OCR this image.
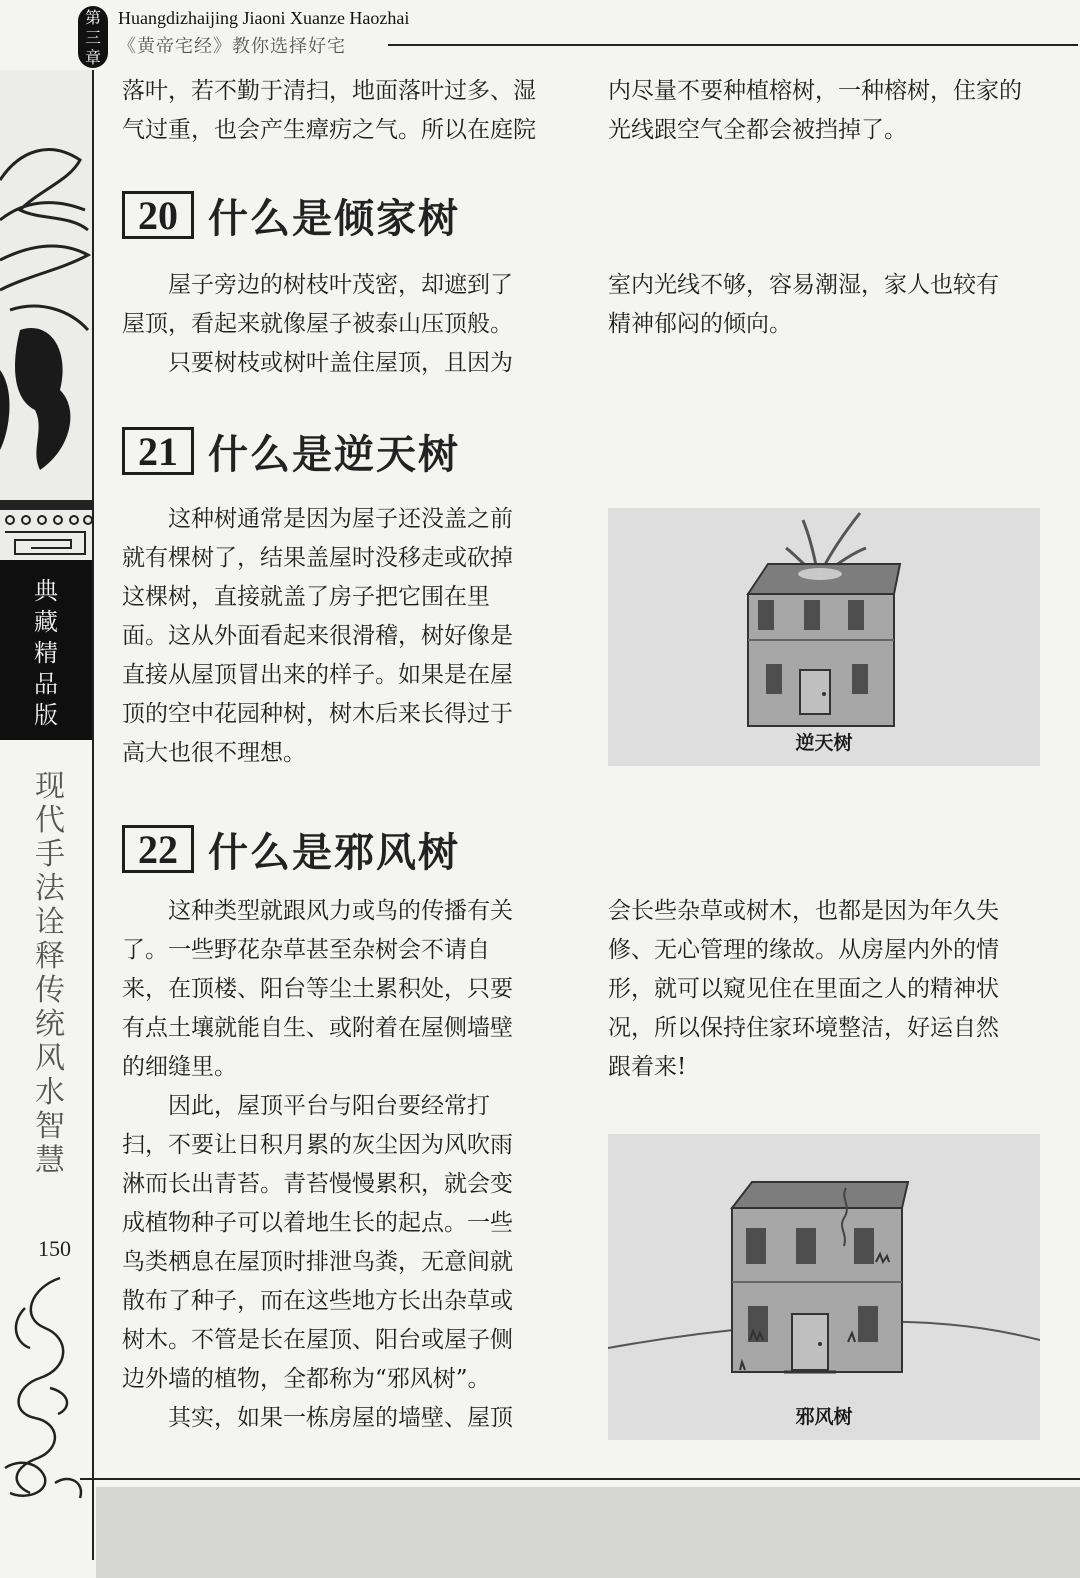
第三章
Huangdizhaijing Jiaoni Xuanze Haozhai
《黄帝宅经》教你选择好宅
典
藏
精
品
版
现
代
手
法
诠
释
传
统
风
水
智
慧
150

落叶，若不勤于清扫，地面落叶过多、湿

气过重，也会产生瘴疠之气。所以在庭院

内尽量不要种植榕树，一种榕树，住家的

光线跟空气全都会被挡掉了。

20 什么是倾家树

屋子旁边的树枝叶茂密，却遮到了

屋顶，看起来就像屋子被泰山压顶般。

只要树枝或树叶盖住屋顶，且因为

室内光线不够，容易潮湿，家人也较有

精神郁闷的倾向。

21 什么是逆天树

这种树通常是因为屋子还没盖之前

就有棵树了，结果盖屋时没移走或砍掉

这棵树，直接就盖了房子把它围在里

面。这从外面看起来很滑稽，树好像是

直接从屋顶冒出来的样子。如果是在屋

顶的空中花园种树，树木后来长得过于

高大也很不理想。	逆天树
22 什么是邪风树

这种类型就跟风力或鸟的传播有关

了。一些野花杂草甚至杂树会不请自

来，在顶楼、阳台等尘土累积处，只要

有点土壤就能自生、或附着在屋侧墙壁

的细缝里。

因此，屋顶平台与阳台要经常打

扫，不要让日积月累的灰尘因为风吹雨

淋而长出青苔。青苔慢慢累积，就会变

成植物种子可以着地生长的起点。一些

鸟类栖息在屋顶时排泄鸟粪，无意间就

散布了种子，而在这些地方长出杂草或

树木。不管是长在屋顶、阳台或屋子侧

边外墙的植物，全都称为“邪风树”。

其实，如果一栋房屋的墙壁、屋顶

会长些杂草或树木，也都是因为年久失

修、无心管理的缘故。从房屋内外的情

形，就可以窥见住在里面之人的精神状

况，所以保持住家环境整洁，好运自然

跟着来!

邪风树
